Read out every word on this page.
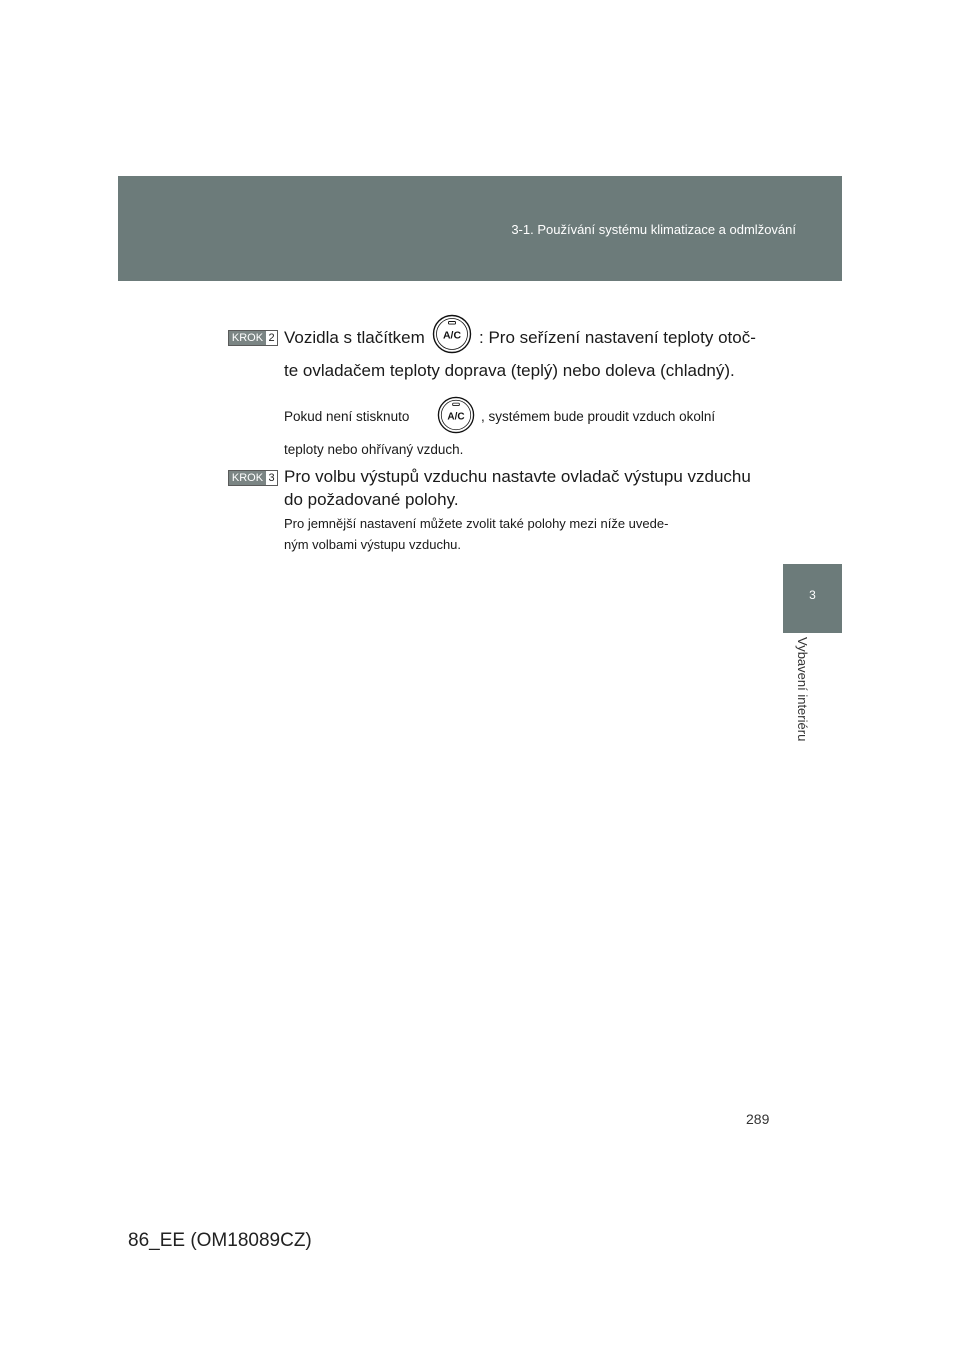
3-1. Používání systému klimatizace a odmlžování
3
Vybavení interiéru
KROK 2 Vozidla s tlačítkem A/C : Pro seřízení nastavení teploty otoč-
te ovladačem teploty doprava (teplý) nebo doleva (chladný).
Pokud není stisknuto	A/C , systémem bude proudit vzduch okolní
teploty nebo ohřívaný vzduch.
KROK 3 Pro volbu výstupů vzduchu nastavte ovladač výstupu vzduchu
do požadované polohy.
Pro jemnější nastavení můžete zvolit také polohy mezi níže uvede-
ným volbami výstupu vzduchu.
289
86_EE (OM18089CZ)
